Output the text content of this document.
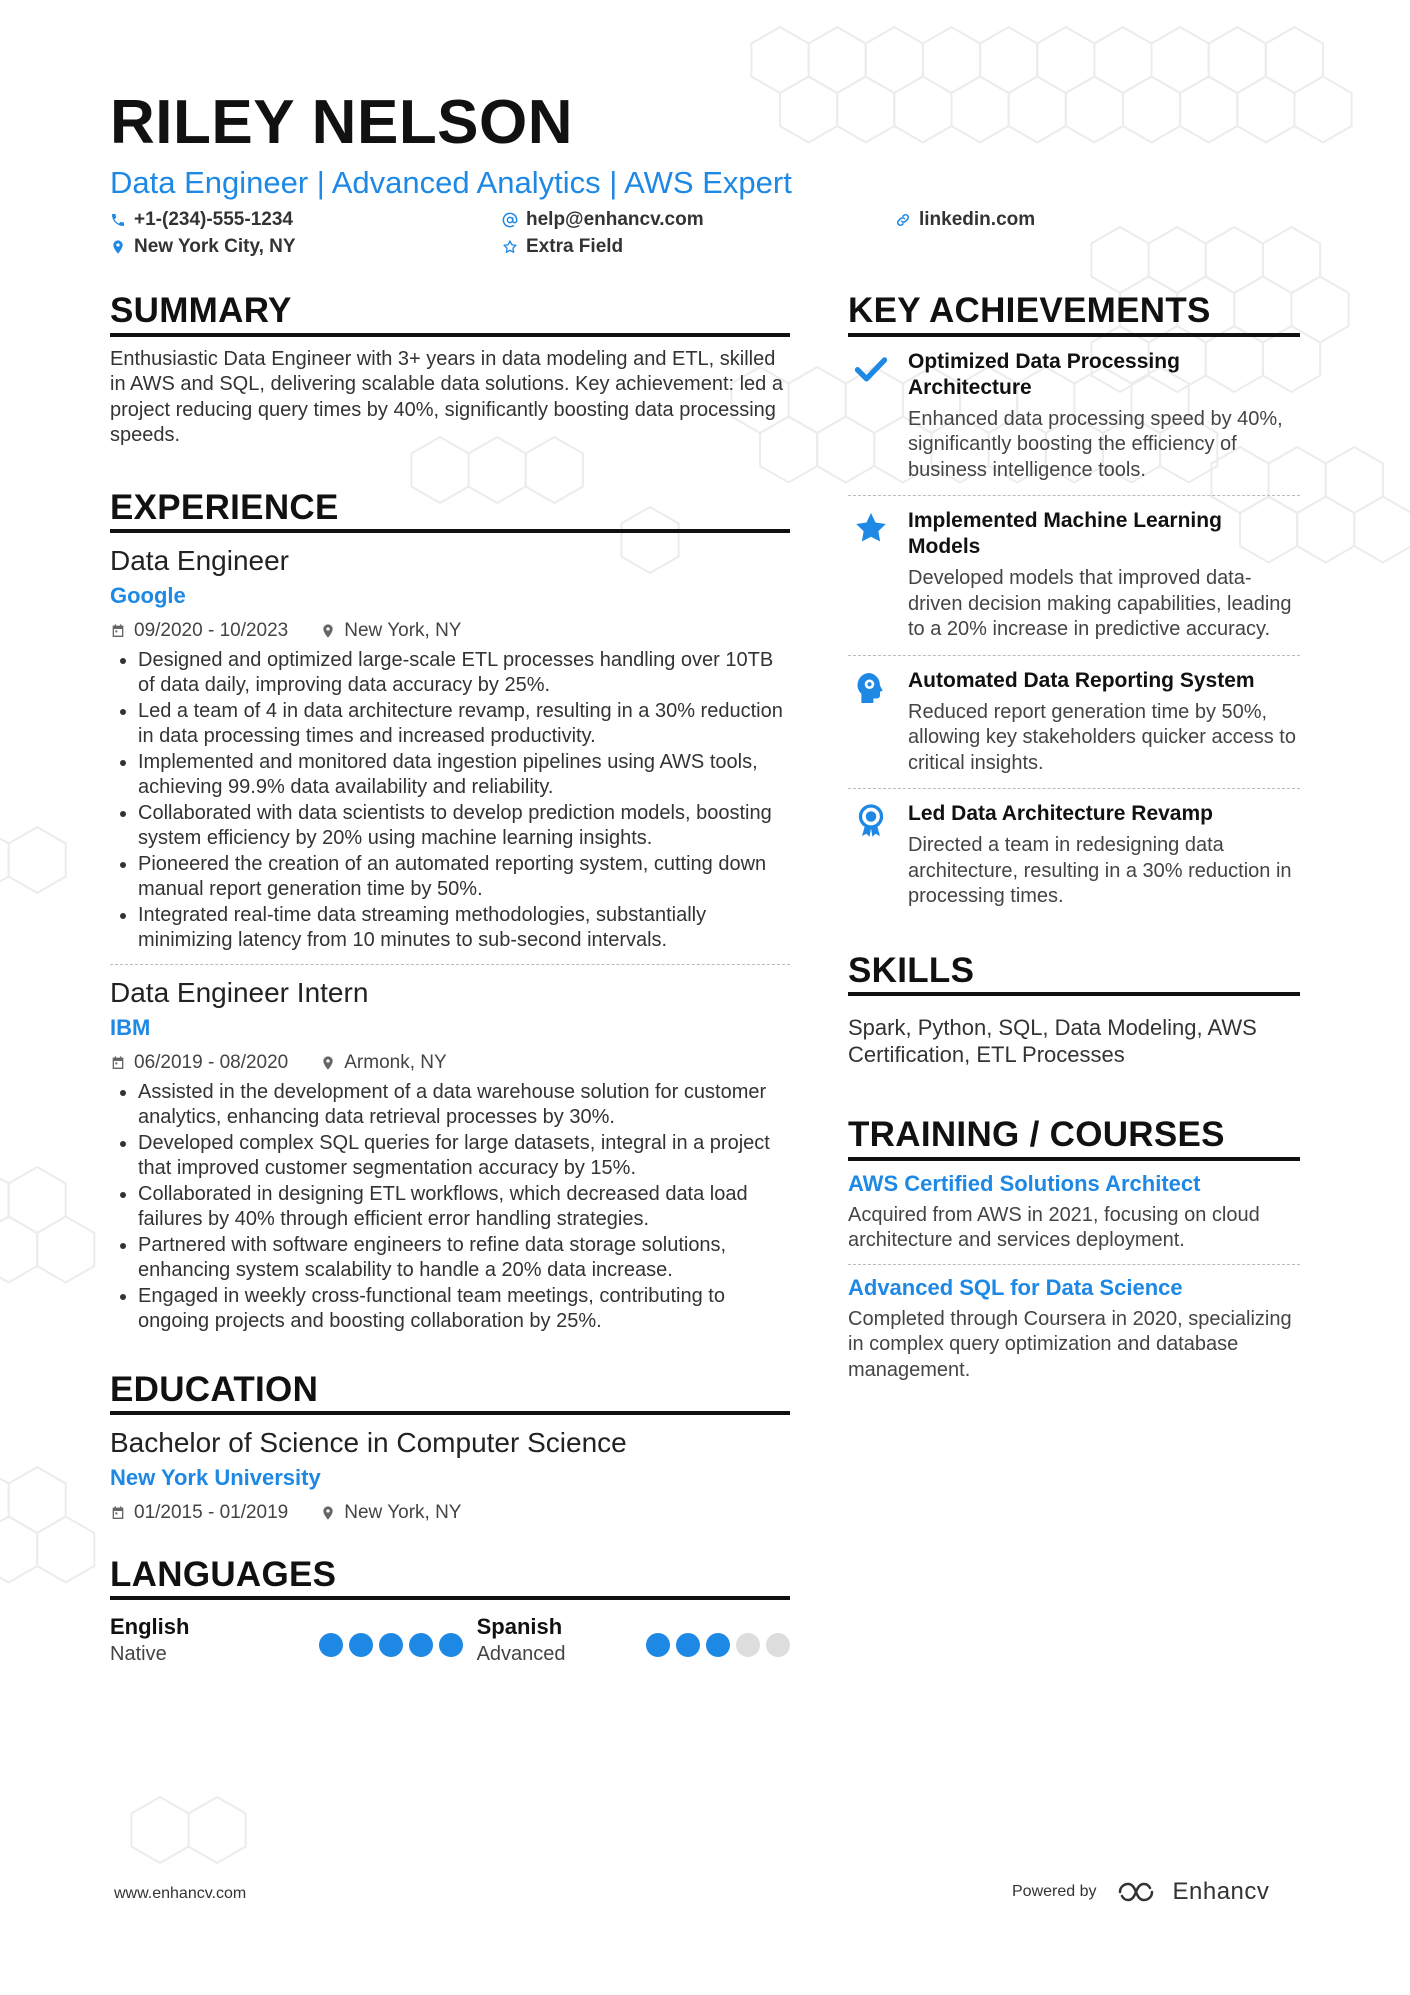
RILEY NELSON
Data Engineer | Advanced Analytics | AWS Expert
+1-(234)-555-1234	help@enhancv.com	linkedin.com
New York City, NY	Extra Field
SUMMARY
Enthusiastic Data Engineer with 3+ years in data modeling and ETL, skilled in AWS and SQL, delivering scalable data solutions. Key achievement: led a project reducing query times by 40%, significantly boosting data processing speeds.
EXPERIENCE
Data Engineer
Google
09/2020 - 10/2023	New York, NY
• Designed and optimized large-scale ETL processes handling over 10TB of data daily, improving data accuracy by 25%.
• Led a team of 4 in data architecture revamp, resulting in a 30% reduction in data processing times and increased productivity.
• Implemented and monitored data ingestion pipelines using AWS tools, achieving 99.9% data availability and reliability.
• Collaborated with data scientists to develop prediction models, boosting system efficiency by 20% using machine learning insights.
• Pioneered the creation of an automated reporting system, cutting down manual report generation time by 50%.
• Integrated real-time data streaming methodologies, substantially minimizing latency from 10 minutes to sub-second intervals.
Data Engineer Intern
IBM
06/2019 - 08/2020	Armonk, NY
• Assisted in the development of a data warehouse solution for customer analytics, enhancing data retrieval processes by 30%.
• Developed complex SQL queries for large datasets, integral in a project that improved customer segmentation accuracy by 15%.
• Collaborated in designing ETL workflows, which decreased data load failures by 40% through efficient error handling strategies.
• Partnered with software engineers to refine data storage solutions, enhancing system scalability to handle a 20% data increase.
• Engaged in weekly cross-functional team meetings, contributing to ongoing projects and boosting collaboration by 25%.
EDUCATION
Bachelor of Science in Computer Science
New York University
01/2015 - 01/2019	New York, NY
LANGUAGES
English
Native
Spanish
Advanced
KEY ACHIEVEMENTS
Optimized Data Processing Architecture
Enhanced data processing speed by 40%, significantly boosting the efficiency of business intelligence tools.
Implemented Machine Learning Models
Developed models that improved data-driven decision making capabilities, leading to a 20% increase in predictive accuracy.
Automated Data Reporting System
Reduced report generation time by 50%, allowing key stakeholders quicker access to critical insights.
Led Data Architecture Revamp
Directed a team in redesigning data architecture, resulting in a 30% reduction in processing times.
SKILLS
Spark, Python, SQL, Data Modeling, AWS Certification, ETL Processes
TRAINING / COURSES
AWS Certified Solutions Architect
Acquired from AWS in 2021, focusing on cloud architecture and services deployment.
Advanced SQL for Data Science
Completed through Coursera in 2020, specializing in complex query optimization and database management.
www.enhancv.com	Powered by	Enhancv
